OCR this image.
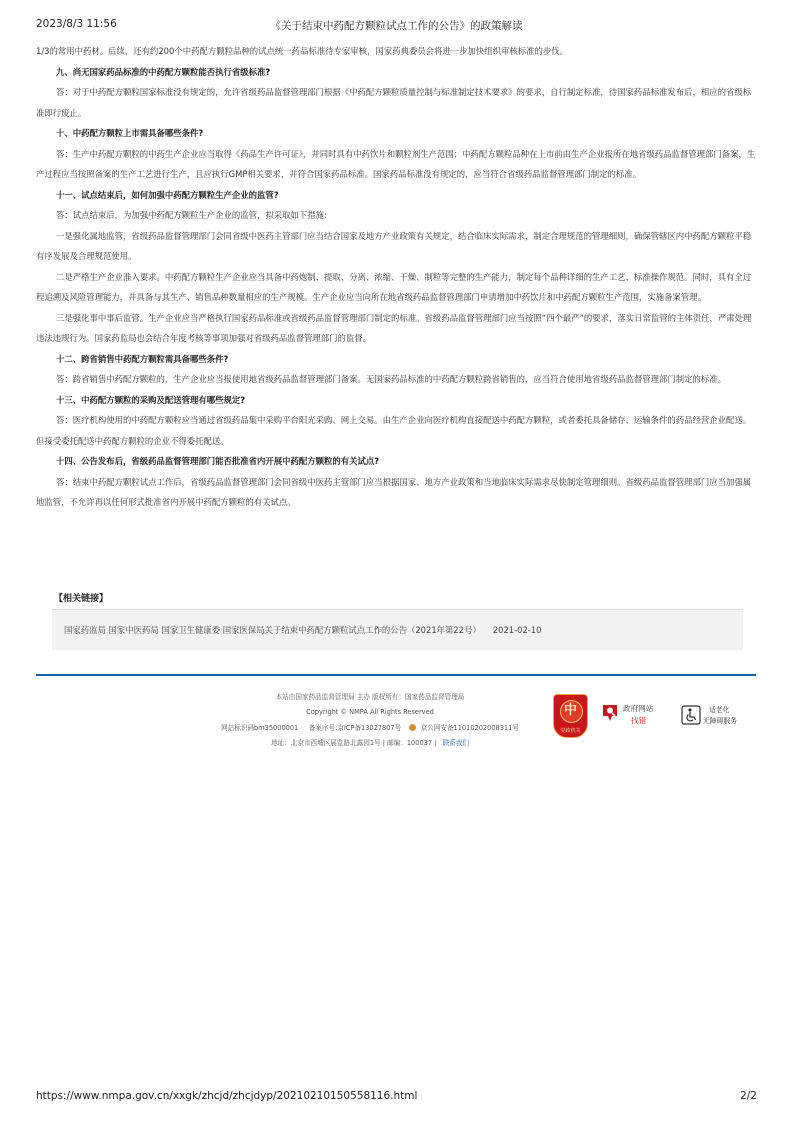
2023/8/3 11:56	《关于结束中药配方颗粒试点工作的公告》的政策解读

1/3的常用中药材。后续，还有约200个中药配方颗粒品种的试点统一药品标准待专家审核，国家药典委员会将进一步加快组织审核标准的步伐。

九、尚无国家药品标准的中药配方颗粒能否执行省级标准?

答：对于中药配方颗粒国家标准没有规定的，允许省级药品监督管理部门根据《中药配方颗粒质量控制与标准制定技术要求》的要求，自行制定标准，待国家药品标准发布后，相应的省级标准即行废止。

十、中药配方颗粒上市需具备哪些条件?

答：生产中药配方颗粒的中药生产企业应当取得《药品生产许可证》，并同时具有中药饮片和颗粒剂生产范围；中药配方颗粒品种在上市前由生产企业报所在地省级药品监督管理部门备案，生产过程应当按照备案的生产工艺进行生产，且应执行GMP相关要求，并符合国家药品标准。国家药品标准没有规定的，应当符合省级药品监督管理部门制定的标准。

十一、试点结束后，如何加强中药配方颗粒生产企业的监管?

答：试点结束后，为加强中药配方颗粒生产企业的监管，拟采取如下措施:

一是强化属地监管，省级药品监督管理部门会同省级中医药主管部门应当结合国家及地方产业政策有关规定，结合临床实际需求，制定合理规范的管理细则，确保管辖区内中药配方颗粒平稳有序发展及合理规范使用。

二是严格生产企业准入要求。中药配方颗粒生产企业应当具备中药炮制、提取、分离、浓缩、干燥、制粒等完整的生产能力，制定每个品种详细的生产工艺、标准操作规范。同时，具有全过程追溯及风险管理能力，并具备与其生产、销售品种数量相应的生产规模。生产企业应当向所在地省级药品监督管理部门申请增加中药饮片和中药配方颗粒生产范围，实施备案管理。

三是强化事中事后监管。生产企业应当严格执行国家药品标准或省级药品监督管理部门制定的标准。省级药品监督管理部门应当按照“四个最严”的要求，落实日常监管的主体责任，严肃处理违法违规行为。国家药监局也会结合年度考核等事项加强对省级药品监督管理部门的监督。

十二、跨省销售中药配方颗粒需具备哪些条件?

答：跨省销售中药配方颗粒的，生产企业应当报使用地省级药品监督管理部门备案。无国家药品标准的中药配方颗粒跨省销售的，应当符合使用地省级药品监督管理部门制定的标准。

十三、中药配方颗粒的采购及配送管理有哪些规定?

答：医疗机构使用的中药配方颗粒应当通过省级药品集中采购平台阳光采购、网上交易。由生产企业向医疗机构直接配送中药配方颗粒，或者委托具备储存、运输条件的药品经营企业配送。但接受委托配送中药配方颗粒的企业不得委托配送。

十四、公告发布后，省级药品监督管理部门能否批准省内开展中药配方颗粒的有关试点?

答：结束中药配方颗粒试点工作后，省级药品监督管理部门会同省级中医药主管部门应当根据国家、地方产业政策和当地临床实际需求尽快制定管理细则。省级药品监督管理部门应当加强属地监管，不允许再以任何形式批准省内开展中药配方颗粒的有关试点。

【相关链接】
国家药监局 国家中医药局 国家卫生健康委 国家医保局关于结束中药配方颗粒试点工作的公告（2021年第22号） 2021-02-10
本站由国家药品监督管理局 主办 版权所有：国家药品监督管理局
Copyright © NMPA All Rights Reserved
网站标识码bm35000001 备案序号:京ICP备13027807号	京公网安备11010202008311号
地址：北京市西城区展览路北露园1号 | 邮编：100037 | 联系我们
中
党政机关
政府网站
找错
适老化
无障碍服务
https://www.nmpa.gov.cn/xxgk/zhcjd/zhcjdyp/20210210150558116.html	2/2
